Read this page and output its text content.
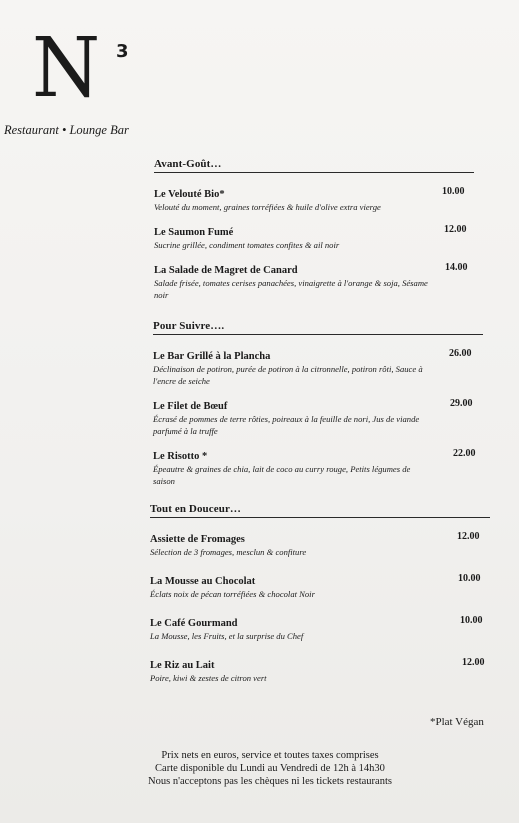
N 3
Restaurant • Lounge Bar
Avant-Goût…
Le Velouté Bio*
Velouté du moment, graines torréfiées & huile d'olive extra vierge
10.00
Le Saumon Fumé
Sucrine grillée, condiment tomates confites & ail noir
12.00
La Salade de Magret de Canard
Salade frisée, tomates cerises panachées, vinaigrette à l'orange & soja, Sésame noir
14.00
Pour Suivre….
Le Bar Grillé à la Plancha
Déclinaison de potiron, purée de potiron à la citronnelle, potiron rôti, Sauce à l'encre de seiche
26.00
Le Filet de Bœuf
Écrasé de pommes de terre rôties, poireaux à la feuille de nori, Jus de viande parfumé à la truffe
29.00
Le Risotto *
Épeautre & graines de chia, lait de coco au curry rouge, Petits légumes de saison
22.00
Tout en Douceur…
Assiette de Fromages
Sélection de 3 fromages, mesclun & confiture
12.00
La Mousse au Chocolat
Éclats noix de pécan torréfiées & chocolat Noir
10.00
Le Café Gourmand
La Mousse, les Fruits, et la surprise du Chef
10.00
Le Riz au Lait
Poire, kiwi & zestes de citron vert
12.00
*Plat Végan
Prix nets en euros, service et toutes taxes comprises
Carte disponible du Lundi au Vendredi de 12h à 14h30
Nous n'acceptons pas les chèques ni les tickets restaurants
